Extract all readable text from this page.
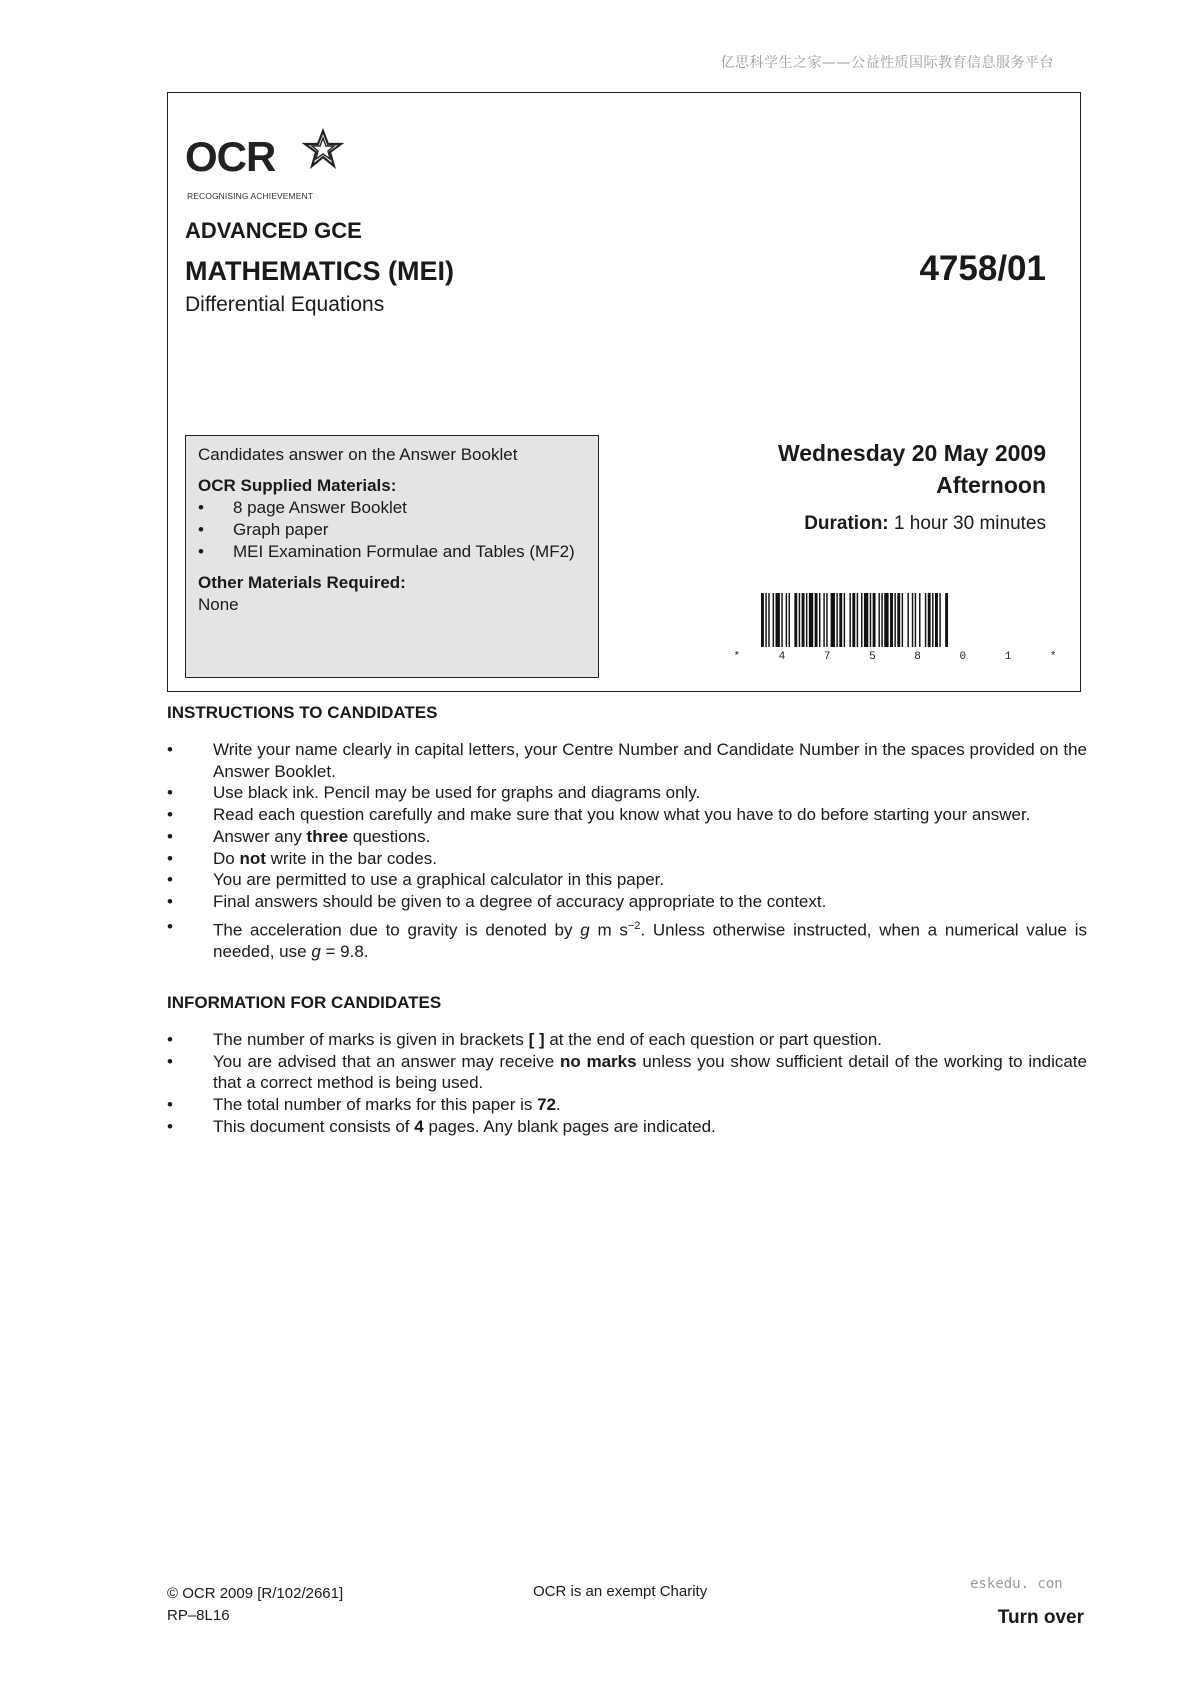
亿思科学生之家——公益性质国际教育信息服务平台
OCR
RECOGNISING ACHIEVEMENT
ADVANCED GCE
MATHEMATICS (MEI)
Differential Equations
4758/01
Candidates answer on the Answer Booklet
OCR Supplied Materials:
• 8 page Answer Booklet
• Graph paper
• MEI Examination Formulae and Tables (MF2)
Other Materials Required:
None
Wednesday 20 May 2009
Afternoon
Duration: 1 hour 30 minutes
* 4 7 5 8 0 1 *
INSTRUCTIONS TO CANDIDATES
• Write your name clearly in capital letters, your Centre Number and Candidate Number in the spaces provided on the Answer Booklet.
• Use black ink. Pencil may be used for graphs and diagrams only.
• Read each question carefully and make sure that you know what you have to do before starting your answer.
• Answer any three questions.
• Do not write in the bar codes.
• You are permitted to use a graphical calculator in this paper.
• Final answers should be given to a degree of accuracy appropriate to the context.
• The acceleration due to gravity is denoted by g m $s^{-2}$. Unless otherwise instructed, when a numerical value is needed, use g = 9.8.
INFORMATION FOR CANDIDATES
• The number of marks is given in brackets [ ] at the end of each question or part question.
• You are advised that an answer may receive no marks unless you show sufficient detail of the working to indicate that a correct method is being used.
• The total number of marks for this paper is 72.
• This document consists of 4 pages. Any blank pages are indicated.
© OCR 2009 [R/102/2661]
RP–8L16
OCR is an exempt Charity	eskedu. con
Turn over
